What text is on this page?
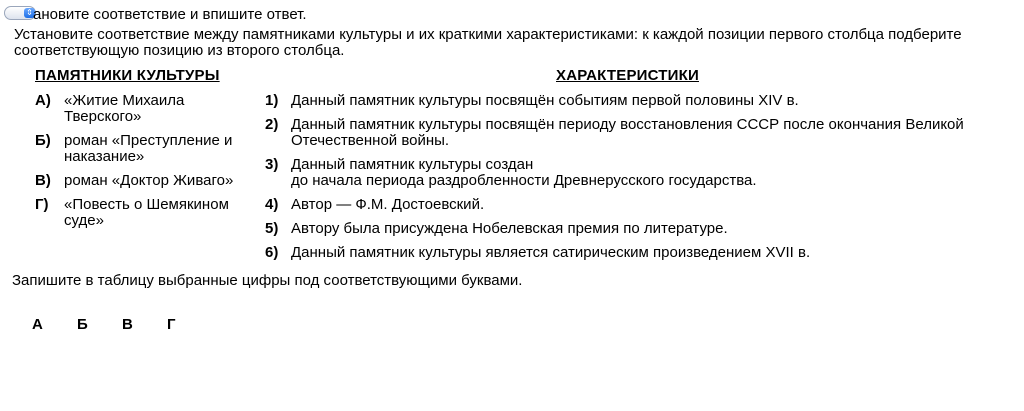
⇕ ановите соответствие и впишите ответ.
Установите соответствие между памятниками культуры и их краткими характеристиками: к каждой позиции первого столбца подберите соответствующую позицию из второго столбца.
ПАМЯТНИКИ КУЛЬТУРЫ	ХАРАКТЕРИСТИКИ
А) «Житие Михаила Тверского»
Б) роман «Преступление и наказание»
В) роман «Доктор Живаго»
Г)	«Повесть о Шемякином суде»
1) Данный памятник культуры посвящён событиям первой половины XIV в.
2) Данный памятник культуры посвящён периоду восстановления СССР после окончания Великой Отечественной войны.
3) Данный памятник культуры создан
до начала периода раздробленности Древнерусского государства.
4) Автор — Ф.М. Достоевский.
5) Автору была присуждена Нобелевская премия по литературе.
6) Данный памятник культуры является сатирическим произведением XVII в.
Запишите в таблицу выбранные цифры под соответствующими буквами.
А	Б	В	Г
